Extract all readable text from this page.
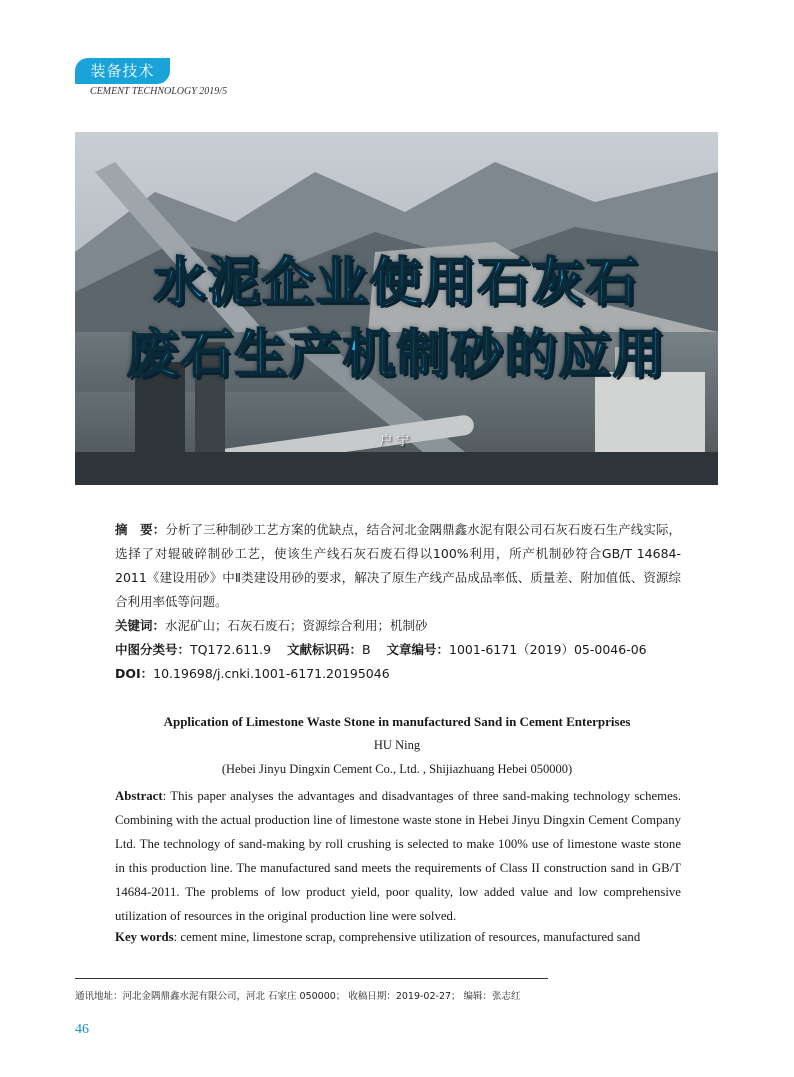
装备技术
CEMENT TECHNOLOGY 2019/5
水泥企业使用石灰石
废石生产机制砂的应用
户宁
摘　要：分析了三种制砂工艺方案的优缺点，结合河北金隅鼎鑫水泥有限公司石灰石废石生产线实际，选择了对辊破碎制砂工艺，使该生产线石灰石废石得以100%利用，所产机制砂符合GB/T 14684-2011《建设用砂》中Ⅱ类建设用砂的要求，解决了原生产线产品成品率低、质量差、附加值低、资源综合利用率低等问题。
关键词：水泥矿山；石灰石废石；资源综合利用；机制砂
中图分类号：TQ172.611.9 文献标识码：B 文章编号：1001-6171（2019）05-0046-06
DOI：10.19698/j.cnki.1001-6171.20195046
Application of Limestone Waste Stone in manufactured Sand in Cement Enterprises
HU Ning
(Hebei Jinyu Dingxin Cement Co., Ltd. , Shijiazhuang Hebei 050000)
Abstract: This paper analyses the advantages and disadvantages of three sand-making technology schemes. Combining with the actual production line of limestone waste stone in Hebei Jinyu Dingxin Cement Company Ltd. The technology of sand-making by roll crushing is selected to make 100% use of limestone waste stone in this production line. The manufactured sand meets the requirements of Class II construction sand in GB/T 14684-2011. The problems of low product yield, poor quality, low added value and low comprehensive utilization of resources in the original production line were solved.
Key words: cement mine, limestone scrap, comprehensive utilization of resources, manufactured sand
通讯地址：河北金隅鼎鑫水泥有限公司，河北 石家庄 050000； 收稿日期：2019-02-27； 编辑：张志红
46
